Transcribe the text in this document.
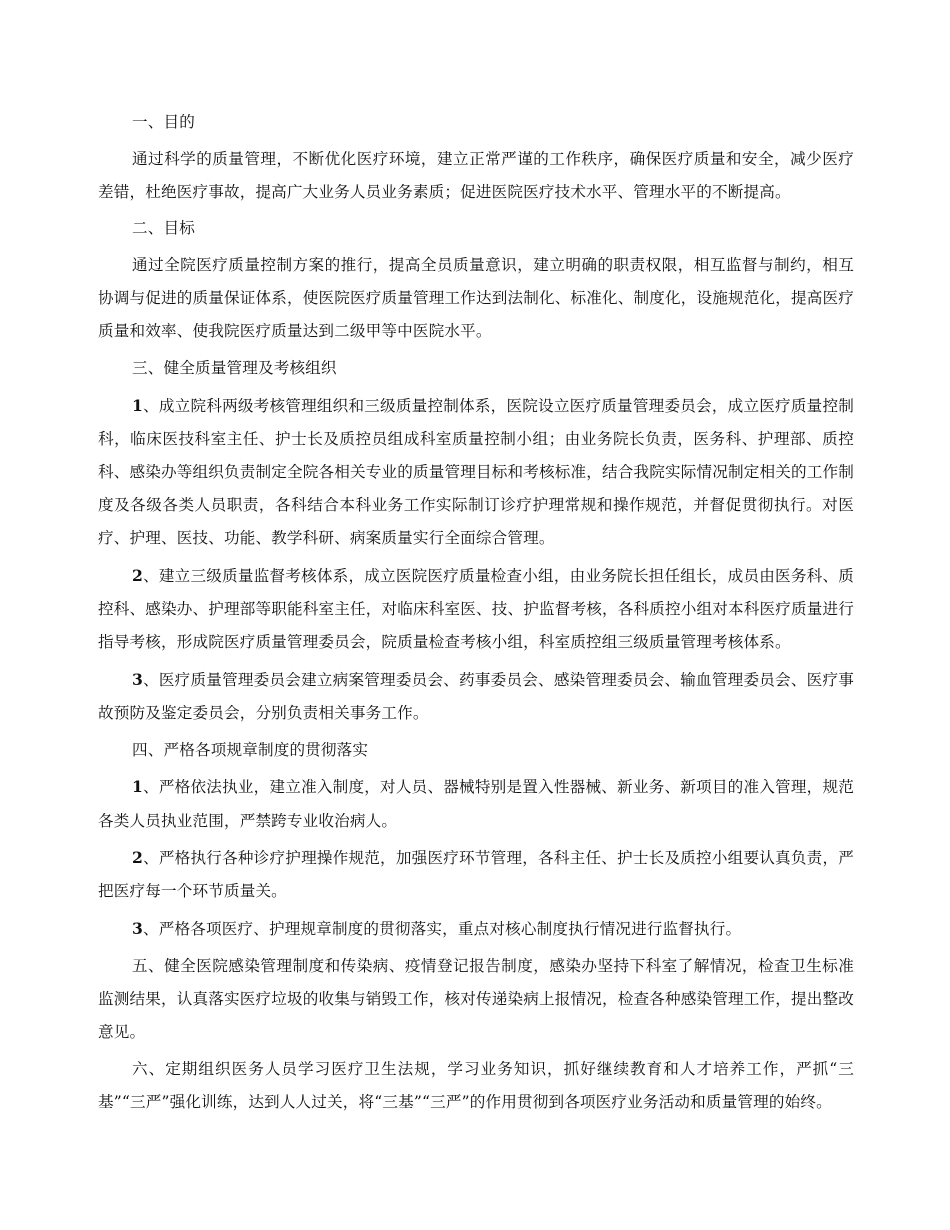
一、目的

通过科学的质量管理，不断优化医疗环境，建立正常严谨的工作秩序，确保医疗质量和安全，减少医疗差错，杜绝医疗事故，提高广大业务人员业务素质；促进医院医疗技术水平、管理水平的不断提高。

二、目标

通过全院医疗质量控制方案的推行，提高全员质量意识，建立明确的职责权限，相互监督与制约，相互协调与促进的质量保证体系，使医院医疗质量管理工作达到法制化、标准化、制度化，设施规范化，提高医疗质量和效率、使我院医疗质量达到二级甲等中医院水平。

三、健全质量管理及考核组织

1、成立院科两级考核管理组织和三级质量控制体系，医院设立医疗质量管理委员会，成立医疗质量控制科，临床医技科室主任、护士长及质控员组成科室质量控制小组；由业务院长负责，医务科、护理部、质控科、感染办等组织负责制定全院各相关专业的质量管理目标和考核标准，结合我院实际情况制定相关的工作制度及各级各类人员职责，各科结合本科业务工作实际制订诊疗护理常规和操作规范，并督促贯彻执行。对医疗、护理、医技、功能、教学科研、病案质量实行全面综合管理。

2、建立三级质量监督考核体系，成立医院医疗质量检查小组，由业务院长担任组长，成员由医务科、质控科、感染办、护理部等职能科室主任，对临床科室医、技、护监督考核，各科质控小组对本科医疗质量进行指导考核，形成院医疗质量管理委员会，院质量检查考核小组，科室质控组三级质量管理考核体系。

3、医疗质量管理委员会建立病案管理委员会、药事委员会、感染管理委员会、输血管理委员会、医疗事故预防及鉴定委员会，分别负责相关事务工作。

四、严格各项规章制度的贯彻落实

1、严格依法执业，建立准入制度，对人员、器械特别是置入性器械、新业务、新项目的准入管理，规范各类人员执业范围，严禁跨专业收治病人。

2、严格执行各种诊疗护理操作规范，加强医疗环节管理，各科主任、护士长及质控小组要认真负责，严把医疗每一个环节质量关。

3、严格各项医疗、护理规章制度的贯彻落实，重点对核心制度执行情况进行监督执行。

五、健全医院感染管理制度和传染病、疫情登记报告制度，感染办坚持下科室了解情况，检查卫生标准监测结果，认真落实医疗垃圾的收集与销毁工作，核对传递染病上报情况，检查各种感染管理工作，提出整改意见。

六、定期组织医务人员学习医疗卫生法规，学习业务知识，抓好继续教育和人才培养工作，严抓“三基”“三严”强化训练，达到人人过关，将“三基”“三严”的作用贯彻到各项医疗业务活动和质量管理的始终。
